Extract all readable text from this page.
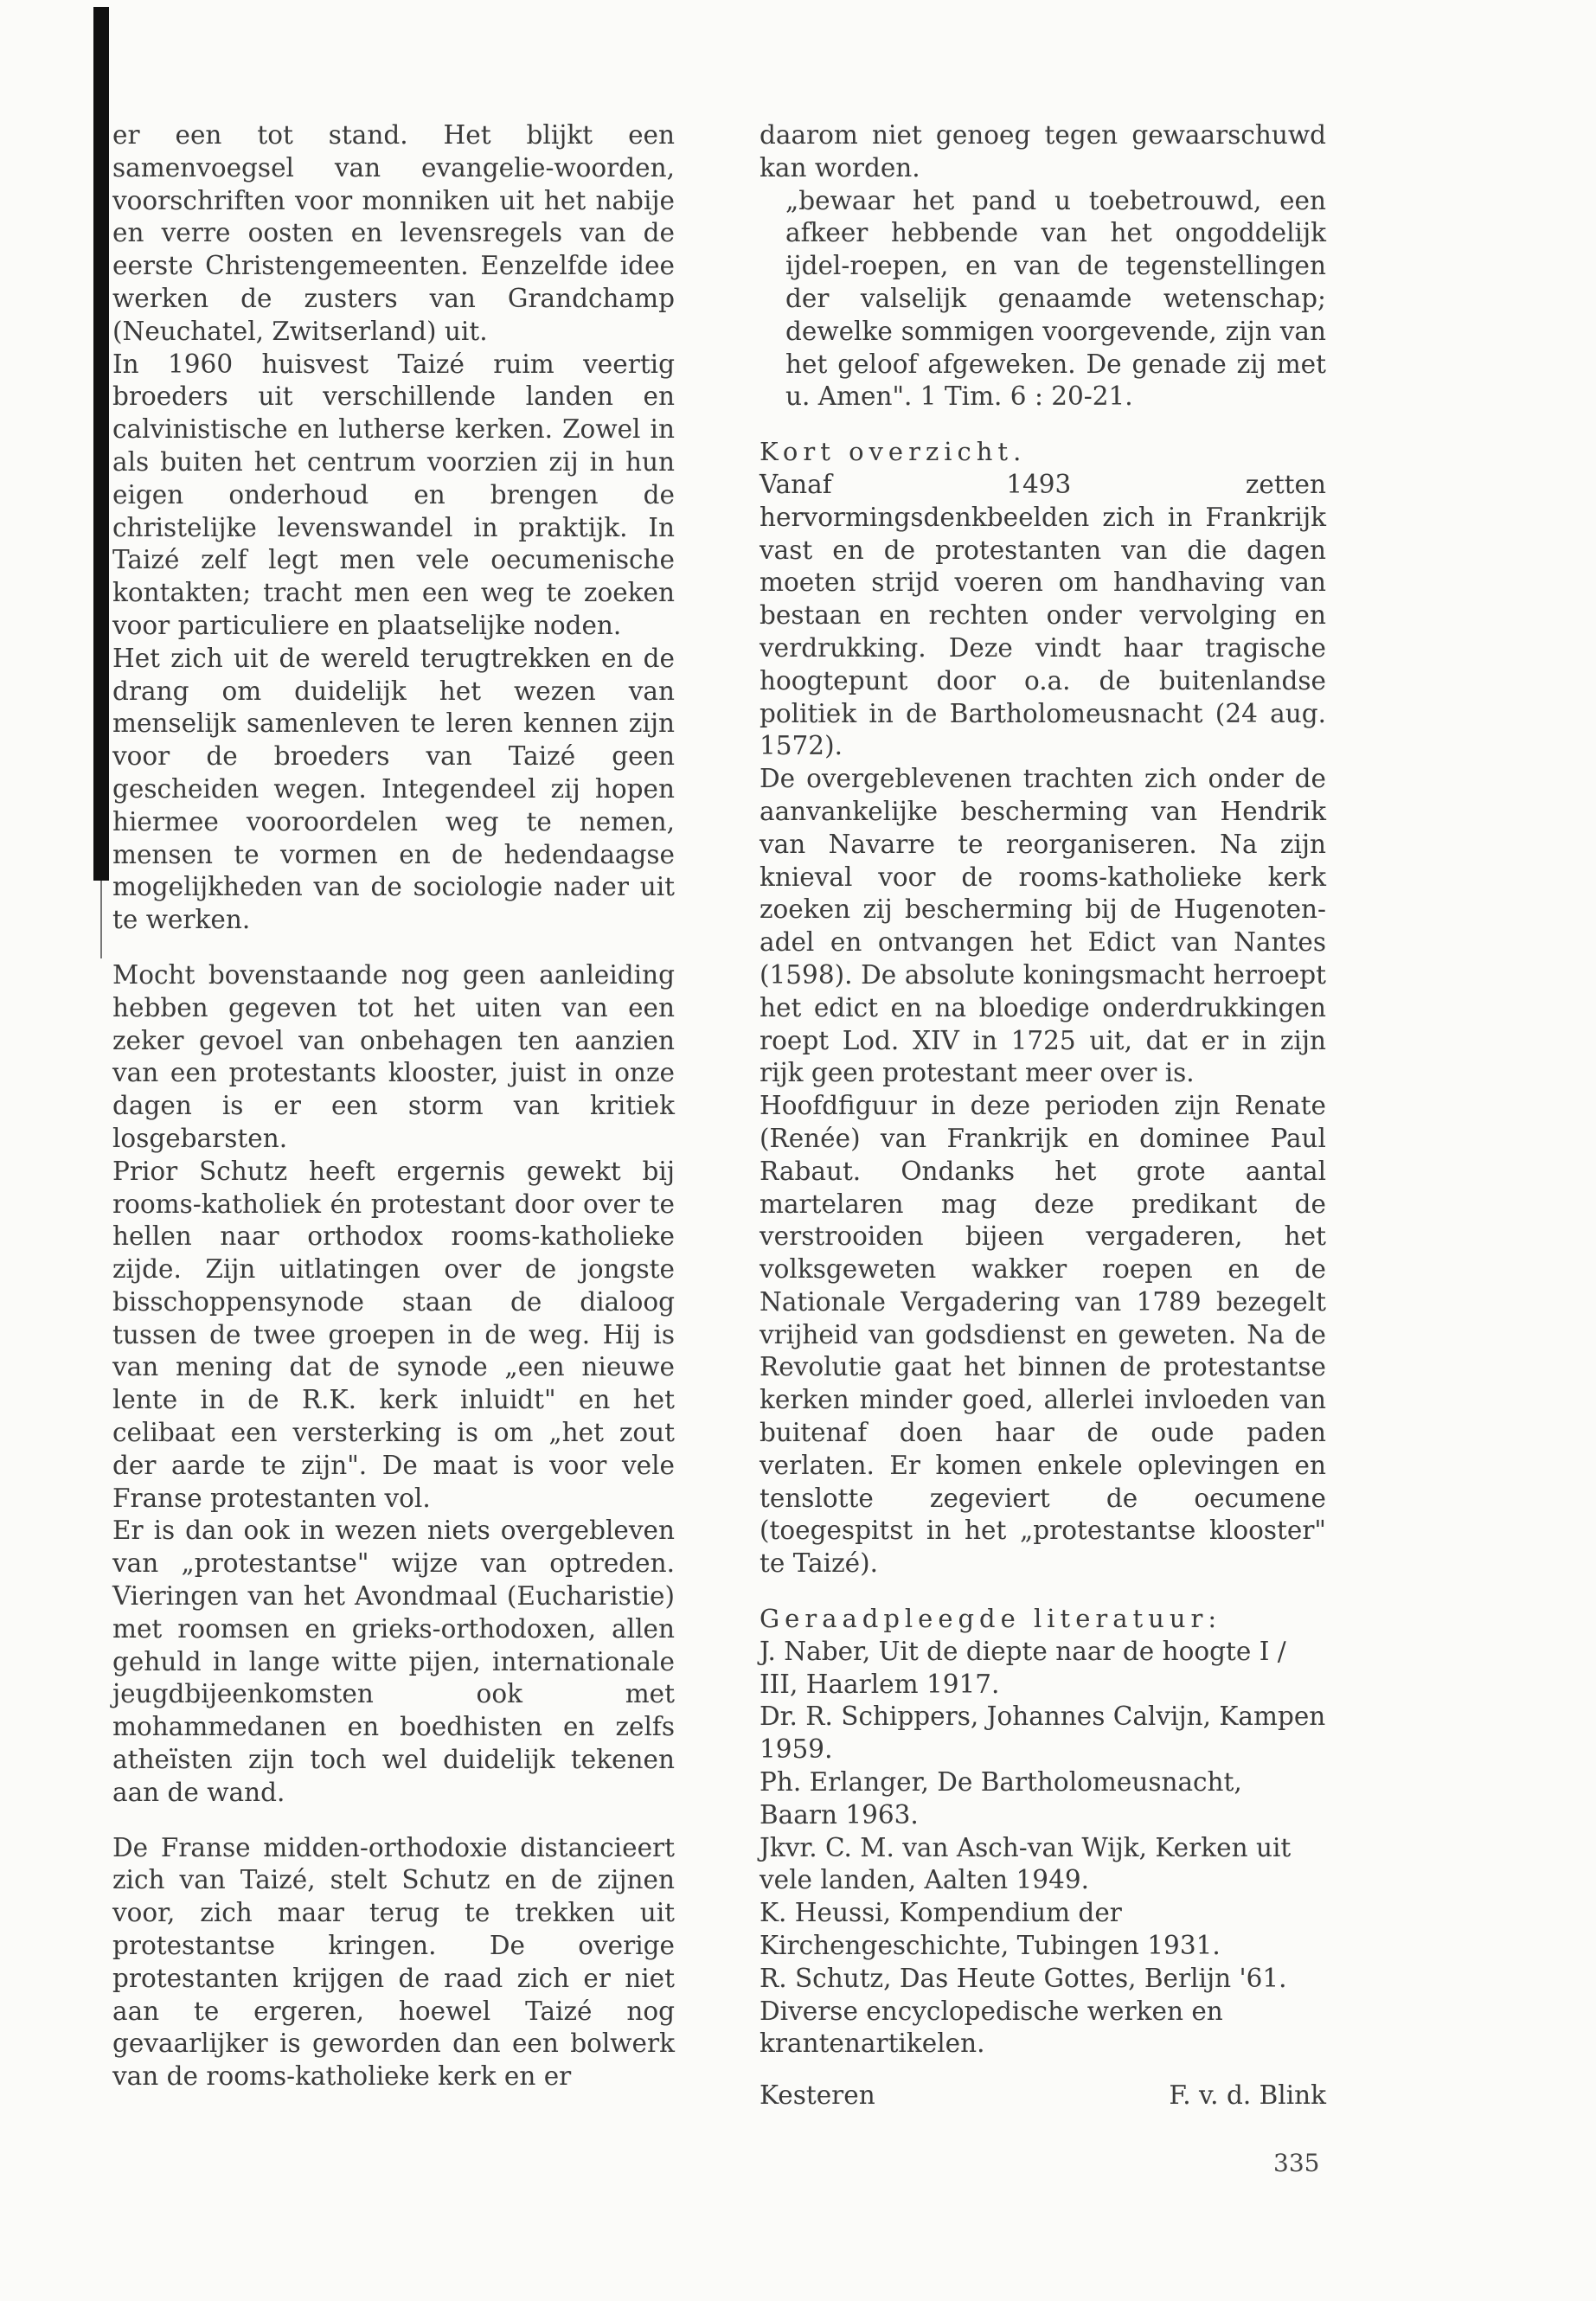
er een tot stand. Het blijkt een samenvoegsel van evangelie-woorden, voorschriften voor monniken uit het nabije en verre oosten en levensregels van de eerste Christengemeenten. Eenzelfde idee werken de zusters van Grandchamp (Neuchatel, Zwitserland) uit.

In 1960 huisvest Taizé ruim veertig broeders uit verschillende landen en calvinistische en lutherse kerken. Zowel in als buiten het centrum voorzien zij in hun eigen onderhoud en brengen de christelijke levenswandel in praktijk. In Taizé zelf legt men vele oecumenische kontakten; tracht men een weg te zoeken voor particuliere en plaatselijke noden.

Het zich uit de wereld terugtrekken en de drang om duidelijk het wezen van menselijk samenleven te leren kennen zijn voor de broeders van Taizé geen gescheiden wegen. Integendeel zij hopen hiermee vooroordelen weg te nemen, mensen te vormen en de hedendaagse mogelijkheden van de sociologie nader uit te werken.

Mocht bovenstaande nog geen aanleiding hebben gegeven tot het uiten van een zeker gevoel van onbehagen ten aanzien van een protestants klooster, juist in onze dagen is er een storm van kritiek losgebarsten.

Prior Schutz heeft ergernis gewekt bij rooms-katholiek én protestant door over te hellen naar orthodox rooms-katholieke zijde. Zijn uitlatingen over de jongste bisschoppensynode staan de dialoog tussen de twee groepen in de weg. Hij is van mening dat de synode „een nieuwe lente in de R.K. kerk inluidt" en het celibaat een versterking is om „het zout der aarde te zijn". De maat is voor vele Franse protestanten vol.

Er is dan ook in wezen niets overgebleven van „protestantse" wijze van optreden. Vieringen van het Avondmaal (Eucharistie) met roomsen en grieks-orthodoxen, allen gehuld in lange witte pijen, internationale jeugdbijeenkomsten ook met mohammedanen en boedhisten en zelfs atheïsten zijn toch wel duidelijk tekenen aan de wand.

De Franse midden-orthodoxie distancieert zich van Taizé, stelt Schutz en de zijnen voor, zich maar terug te trekken uit protestantse kringen. De overige protestanten krijgen de raad zich er niet aan te ergeren, hoewel Taizé nog gevaarlijker is geworden dan een bolwerk van de rooms-katholieke kerk en er

daarom niet genoeg tegen gewaarschuwd kan worden.

„bewaar het pand u toebetrouwd, een afkeer hebbende van het ongoddelijk ijdel-roepen, en van de tegenstellingen der valselijk genaamde wetenschap; dewelke sommigen voorgevende, zijn van het geloof afgeweken. De genade zij met u. Amen". 1 Tim. 6 : 20-21.

Kort overzicht.

Vanaf 1493 zetten hervormingsdenkbeelden zich in Frankrijk vast en de protestanten van die dagen moeten strijd voeren om handhaving van bestaan en rechten onder vervolging en verdrukking. Deze vindt haar tragische hoogtepunt door o.a. de buitenlandse politiek in de Bartholomeusnacht (24 aug. 1572).

De overgeblevenen trachten zich onder de aanvankelijke bescherming van Hendrik van Navarre te reorganiseren. Na zijn knieval voor de rooms-katholieke kerk zoeken zij bescherming bij de Hugenoten-adel en ontvangen het Edict van Nantes (1598). De absolute koningsmacht herroept het edict en na bloedige onderdrukkingen roept Lod. XIV in 1725 uit, dat er in zijn rijk geen protestant meer over is.

Hoofdfiguur in deze perioden zijn Renate (Renée) van Frankrijk en dominee Paul Rabaut. Ondanks het grote aantal martelaren mag deze predikant de verstrooiden bijeen vergaderen, het volksgeweten wakker roepen en de Nationale Vergadering van 1789 bezegelt vrijheid van godsdienst en geweten. Na de Revolutie gaat het binnen de protestantse kerken minder goed, allerlei invloeden van buitenaf doen haar de oude paden verlaten. Er komen enkele oplevingen en tenslotte zegeviert de oecumene (toegespitst in het „protestantse klooster" te Taizé).

Geraadpleegde literatuur:

J. Naber, Uit de diepte naar de hoogte I / III, Haarlem 1917.

Dr. R. Schippers, Johannes Calvijn, Kampen 1959.

Ph. Erlanger, De Bartholomeusnacht, Baarn 1963.

Jkvr. C. M. van Asch-van Wijk, Kerken uit vele landen, Aalten 1949.

K. Heussi, Kompendium der Kirchengeschichte, Tubingen 1931.

R. Schutz, Das Heute Gottes, Berlijn '61.

Diverse encyclopedische werken en krantenartikelen.

Kesteren	F. v. d. Blink
335
